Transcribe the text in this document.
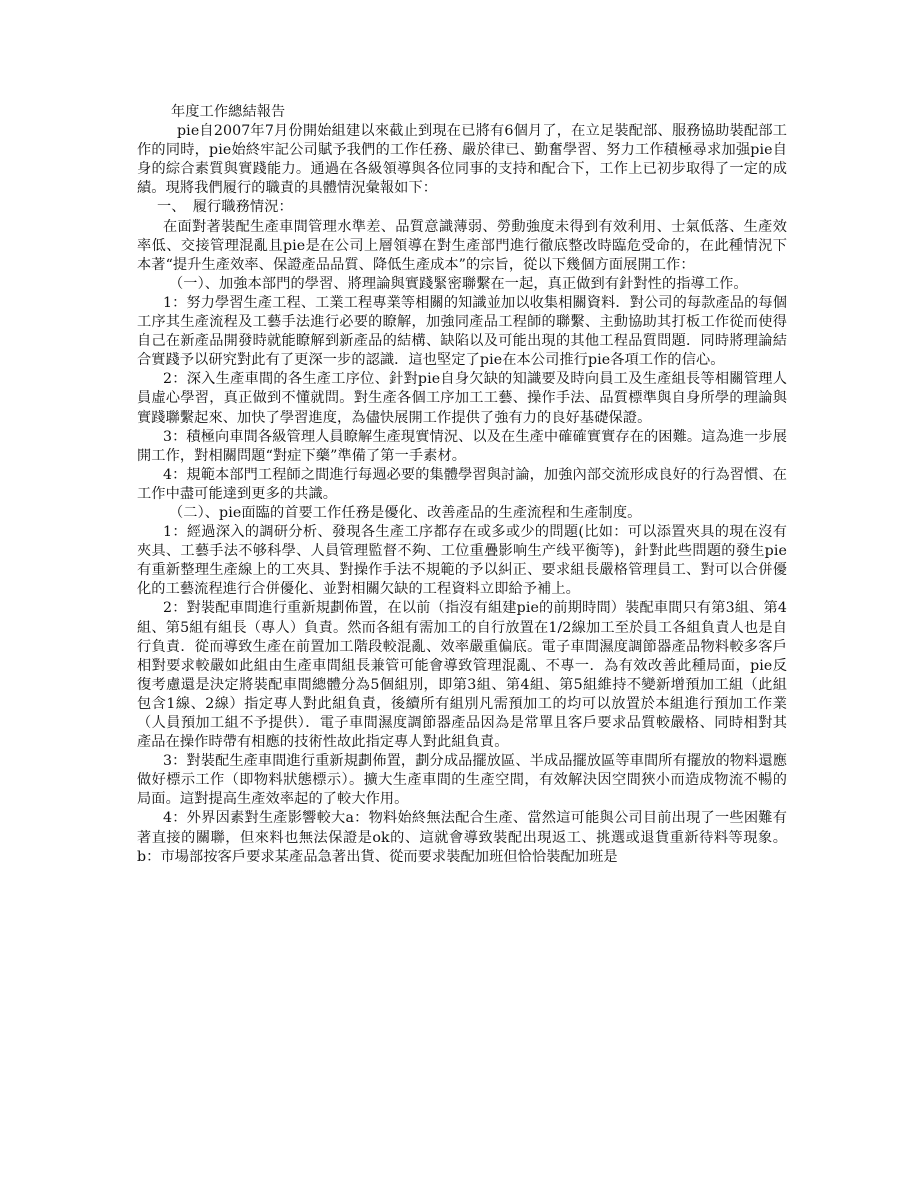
年度工作總結報告

pie自2007年7月份開始組建以來截止到現在已將有6個月了，在立足裝配部、服務協助裝配部工作的同時，pie始終牢記公司賦予我們的工作任務、嚴於律已、勤奮學習、努力工作積極尋求加强pie自身的綜合素質與實踐能力。通過在各級領導與各位同事的支持和配合下，工作上已初步取得了一定的成績。現將我們履行的職責的具體情況彙報如下：

一、　履行職務情況：

在面對著裝配生產車間管理水準差、品質意識薄弱、勞動強度未得到有效利用、士氣低落、生產效率低、交接管理混亂且pie是在公司上層領導在對生產部門進行徹底整改時臨危受命的，在此種情況下本著“提升生產效率、保證產品品質、降低生產成本”的宗旨，從以下幾個方面展開工作：

（一）、加強本部門的學習、將理論與實踐緊密聯繫在一起，真正做到有針對性的指導工作。

1：努力學習生產工程、工業工程專業等相關的知識並加以收集相關資料．對公司的每款產品的每個工序其生產流程及工藝手法進行必要的瞭解，加強同產品工程師的聯繫、主動協助其打板工作從而使得自己在新產品開發時就能瞭解到新產品的結構、缺陷以及可能出現的其他工程品質問題．同時將理論結合實踐予以研究對此有了更深一步的認識．這也堅定了pie在本公司推行pie各項工作的信心。

2：深入生產車間的各生產工序位、針對pie自身欠缺的知識要及時向員工及生產組長等相關管理人員虛心學習，真正做到不懂就問。對生產各個工序加工工藝、操作手法、品質標準與自身所學的理論與實踐聯繫起來、加快了學習進度，為儘快展開工作提供了強有力的良好基礎保證。

3：積極向車間各級管理人員瞭解生產現實情況、以及在生產中確確實實存在的困難。這為進一步展開工作，對相關問題“對症下藥”準備了第一手素材。

4：規範本部門工程師之間進行每週必要的集體學習與討論，加強內部交流形成良好的行為習慣、在工作中盡可能達到更多的共識。

（二）、pie面臨的首要工作任務是優化、改善產品的生產流程和生產制度。

1：經過深入的調研分析、發現各生產工序都存在或多或少的問題(比如：可以添置夾具的現在沒有夾具、工藝手法不够科學、人員管理監督不夠、工位重疊影响生产线平衡等)，針對此些問題的發生pie有重新整理生產線上的工夾具、對操作手法不規範的予以糾正、要求組長嚴格管理員工、對可以合併優化的工藝流程進行合併優化、並對相關欠缺的工程資料立即給予補上。

2：對裝配車間進行重新規劃佈置，在以前（指沒有組建pie的前期時間）裝配車間只有第3組、第4組、第5組有組長（專人）負責。然而各組有需加工的自行放置在1/2線加工至於員工各組負責人也是自行負責．從而導致生產在前置加工階段較混亂、效率嚴重偏底。電子車間濕度調節器產品物料較多客戶相對要求較嚴如此組由生產車間組長兼管可能會導致管理混亂、不專一．為有效改善此種局面，pie反復考慮還是決定將裝配車間總體分為5個組別，即第3組、第4組、第5組維持不變新增預加工組（此組包含1線、2線）指定專人對此組負責，後續所有組別凡需預加工的均可以放置於本組進行預加工作業（人員預加工組不予提供）．電子車間濕度調節器產品因為是常單且客戶要求品質較嚴格、同時相對其產品在操作時帶有相應的技術性故此指定專人對此組負責。

3：對裝配生產車間進行重新規劃佈置，劃分成品擺放區、半成品擺放區等車間所有擺放的物料還應做好標示工作（即物料狀態標示）。擴大生產車間的生產空間，有效解決因空間狹小而造成物流不暢的局面。這對提高生產效率起的了較大作用。

4：外界因素對生產影響較大a：物料始終無法配合生產、當然這可能與公司目前出現了一些困難有著直接的關聯，但來料也無法保證是ok的、這就會導致裝配出現返工、挑選或退貨重新待料等現象。b：市場部按客戶要求某產品急著出貨、從而要求裝配加班但恰恰裝配加班是
